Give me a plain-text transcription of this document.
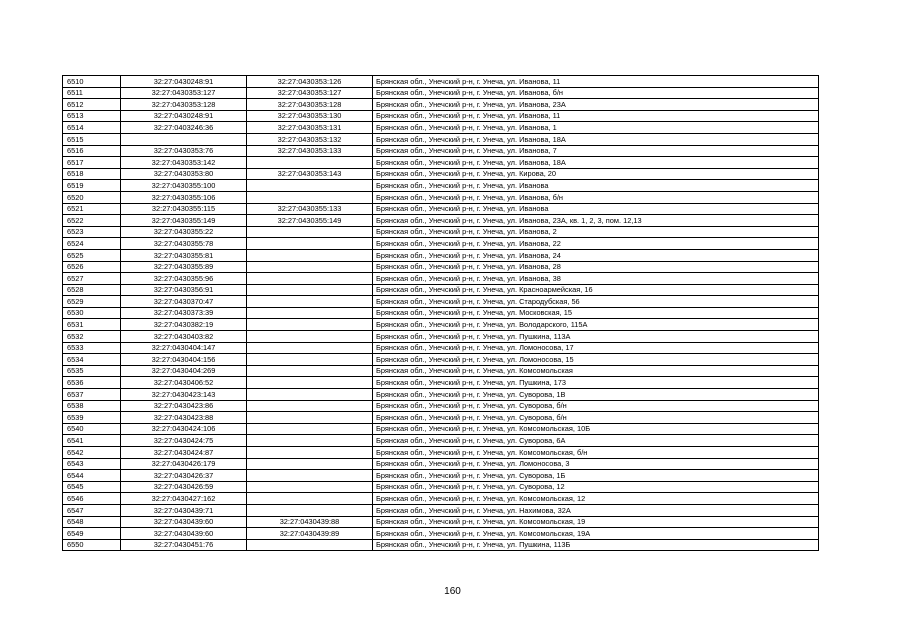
6510	32:27:0430248:91	32:27:0430353:126	Брянская обл., Унечский р-н, г. Унеча, ул. Иванова, 11
6511	32:27:0430353:127	32:27:0430353:127	Брянская обл., Унечский р-н, г. Унеча, ул. Иванова, б/н
6512	32:27:0430353:128	32:27:0430353:128	Брянская обл., Унечский р-н, г. Унеча, ул. Иванова, 23А
6513	32:27:0430248:91	32:27:0430353:130	Брянская обл., Унечский р-н, г. Унеча, ул. Иванова, 11
6514	32:27:0403246:36	32:27:0430353:131	Брянская обл., Унечский р-н, г. Унеча, ул. Иванова, 1
6515		32:27:0430353:132	Брянская обл., Унечский р-н, г. Унеча, ул. Иванова, 18А
6516	32:27:0430353:76	32:27:0430353:133	Брянская обл., Унечский р-н, г. Унеча, ул. Иванова, 7
6517	32:27:0430353:142		Брянская обл., Унечский р-н, г. Унеча, ул. Иванова, 18А
6518	32:27:0430353:80	32:27:0430353:143	Брянская обл., Унечский р-н, г. Унеча, ул. Кирова, 20
6519	32:27:0430355:100		Брянская обл., Унечский р-н, г. Унеча, ул. Иванова
6520	32:27:0430355:106		Брянская обл., Унечский р-н, г. Унеча, ул. Иванова, б/н
6521	32:27:0430355:115	32:27:0430355:133	Брянская обл., Унечский р-н, г. Унеча, ул. Иванова
6522	32:27:0430355:149	32:27:0430355:149	Брянская обл., Унечский р-н, г. Унеча, ул. Иванова, 23А, кв. 1, 2, 3, пом. 12,13
6523	32:27:0430355:22		Брянская обл., Унечский р-н, г. Унеча, ул. Иванова, 2
6524	32:27:0430355:78		Брянская обл., Унечский р-н, г. Унеча, ул. Иванова, 22
6525	32:27:0430355:81		Брянская обл., Унечский р-н, г. Унеча, ул. Иванова, 24
6526	32:27:0430355:89		Брянская обл., Унечский р-н, г. Унеча, ул. Иванова, 28
6527	32:27:0430355:96		Брянская обл., Унечский р-н, г. Унеча, ул. Иванова, 38
6528	32:27:0430356:91		Брянская обл., Унечский р-н, г. Унеча, ул. Красноармейская, 16
6529	32:27:0430370:47		Брянская обл., Унечский р-н, г. Унеча, ул. Стародубская, 56
6530	32:27:0430373:39		Брянская обл., Унечский р-н, г. Унеча, ул. Московская, 15
6531	32:27:0430382:19		Брянская обл., Унечский р-н, г. Унеча, ул. Володарского, 115А
6532	32:27:0430403:82		Брянская обл., Унечский р-н, г. Унеча, ул. Пушкина, 113А
6533	32:27:0430404:147		Брянская обл., Унечский р-н, г. Унеча, ул. Ломоносова, 17
6534	32:27:0430404:156		Брянская обл., Унечский р-н, г. Унеча, ул. Ломоносова, 15
6535	32:27:0430404:269		Брянская обл., Унечский р-н, г. Унеча, ул. Комсомольская
6536	32:27:0430406:52		Брянская обл., Унечский р-н, г. Унеча, ул. Пушкина, 173
6537	32:27:0430423:143		Брянская обл., Унечский р-н, г. Унеча, ул. Суворова, 1В
6538	32:27:0430423:86		Брянская обл., Унечский р-н, г. Унеча, ул. Суворова, б/н
6539	32:27:0430423:88		Брянская обл., Унечский р-н, г. Унеча, ул. Суворова, б/н
6540	32:27:0430424:106		Брянская обл., Унечский р-н, г. Унеча, ул. Комсомольская, 10Б
6541	32:27:0430424:75		Брянская обл., Унечский р-н, г. Унеча, ул. Суворова, 6А
6542	32:27:0430424:87		Брянская обл., Унечский р-н, г. Унеча, ул. Комсомольская, б/н
6543	32:27:0430426:179		Брянская обл., Унечский р-н, г. Унеча, ул. Ломоносова, 3
6544	32:27:0430426:37		Брянская обл., Унечский р-н, г. Унеча, ул. Суворова, 1Б
6545	32:27:0430426:59		Брянская обл., Унечский р-н, г. Унеча, ул. Суворова, 12
6546	32:27:0430427:162		Брянская обл., Унечский р-н, г. Унеча, ул. Комсомольская, 12
6547	32:27:0430439:71		Брянская обл., Унечский р-н, г. Унеча, ул. Нахимова, 32А
6548	32:27:0430439:60	32:27:0430439:88	Брянская обл., Унечский р-н, г. Унеча, ул. Комсомольская, 19
6549	32:27:0430439:60	32:27:0430439:89	Брянская обл., Унечский р-н, г. Унеча, ул. Комсомольская, 19А
6550	32:27:0430451:76		Брянская обл., Унечский р-н, г. Унеча, ул. Пушкина, 113Б
160
